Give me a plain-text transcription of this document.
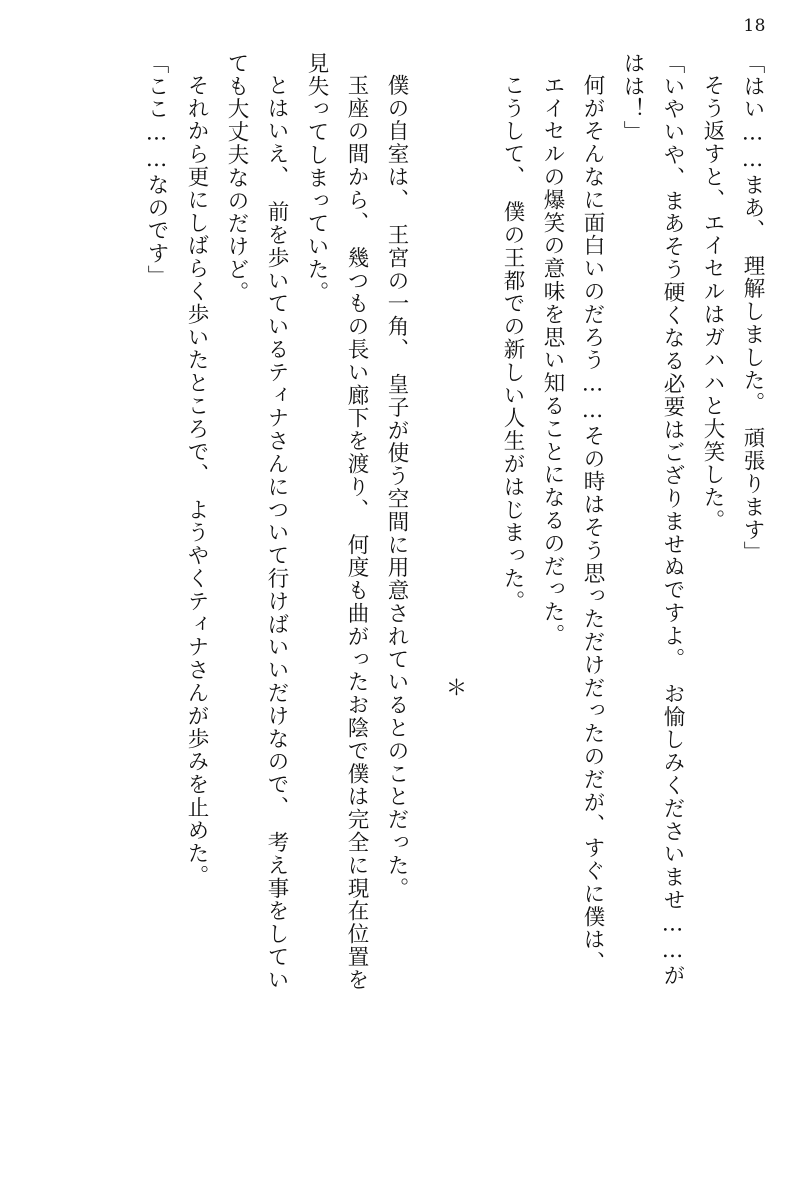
18

「はい……まあ、　理解しました。　頑張ります」

そう返すと、エイセルはガハハと大笑した。

「いやいや、まあそう硬くなる必要はござりませぬですよ。　お愉しみくださいませ……が

はは！」

何がそんなに面白いのだろう……その時はそう思っただけだったのだが、すぐに僕は、

エイセルの爆笑の意味を思い知ることになるのだった。

こうして、　僕の王都での新しい人生がはじまった。

＊

僕の自室は、　王宮の一角、　皇子が使う空間に用意されているとのことだった。

玉座の間から、　幾つもの長い廊下を渡り、　何度も曲がったお陰で僕は完全に現在位置を

見失ってしまっていた。

とはいえ、　前を歩いているティナさんについて行けばいいだけなので、　考え事をしてい

ても大丈夫なのだけど。

それから更にしばらく歩いたところで、　ようやくティナさんが歩みを止めた。

「ここ……なのです」
